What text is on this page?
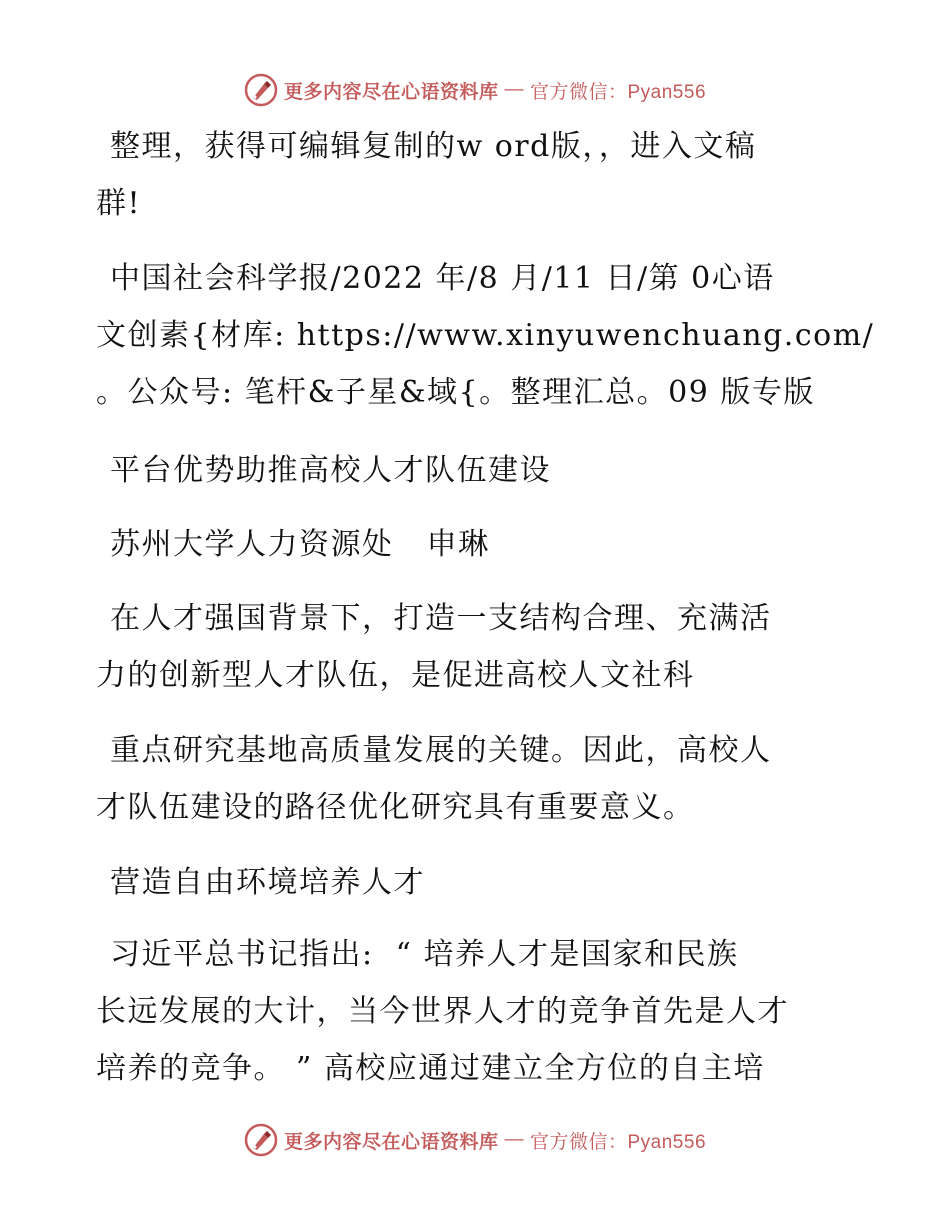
更多内容尽在心语资料库 — 官方微信：Pyan556

整理，获得可编辑复制的w ord版，，进入文稿
群!

中国社会科学报/2022 年/8 月/11 日/第 0心语
文创素{材库: https://www.xinyuwenchuang.com/
。公众号: 笔杆&子星&域{。整理汇总。09 版专版

平台优势助推高校人才队伍建设

苏州大学人力资源处   申琳

在人才强国背景下，打造一支结构合理、充满活
力的创新型人才队伍，是促进高校人文社科

重点研究基地高质量发展的关键。因此，高校人
才队伍建设的路径优化研究具有重要意义。

营造自由环境培养人才

习近平总书记指出:  “ 培养人才是国家和民族
长远发展的大计，当今世界人才的竞争首先是人才
培养的竞争。 ” 高校应通过建立全方位的自主培

更多内容尽在心语资料库 — 官方微信：Pyan556
